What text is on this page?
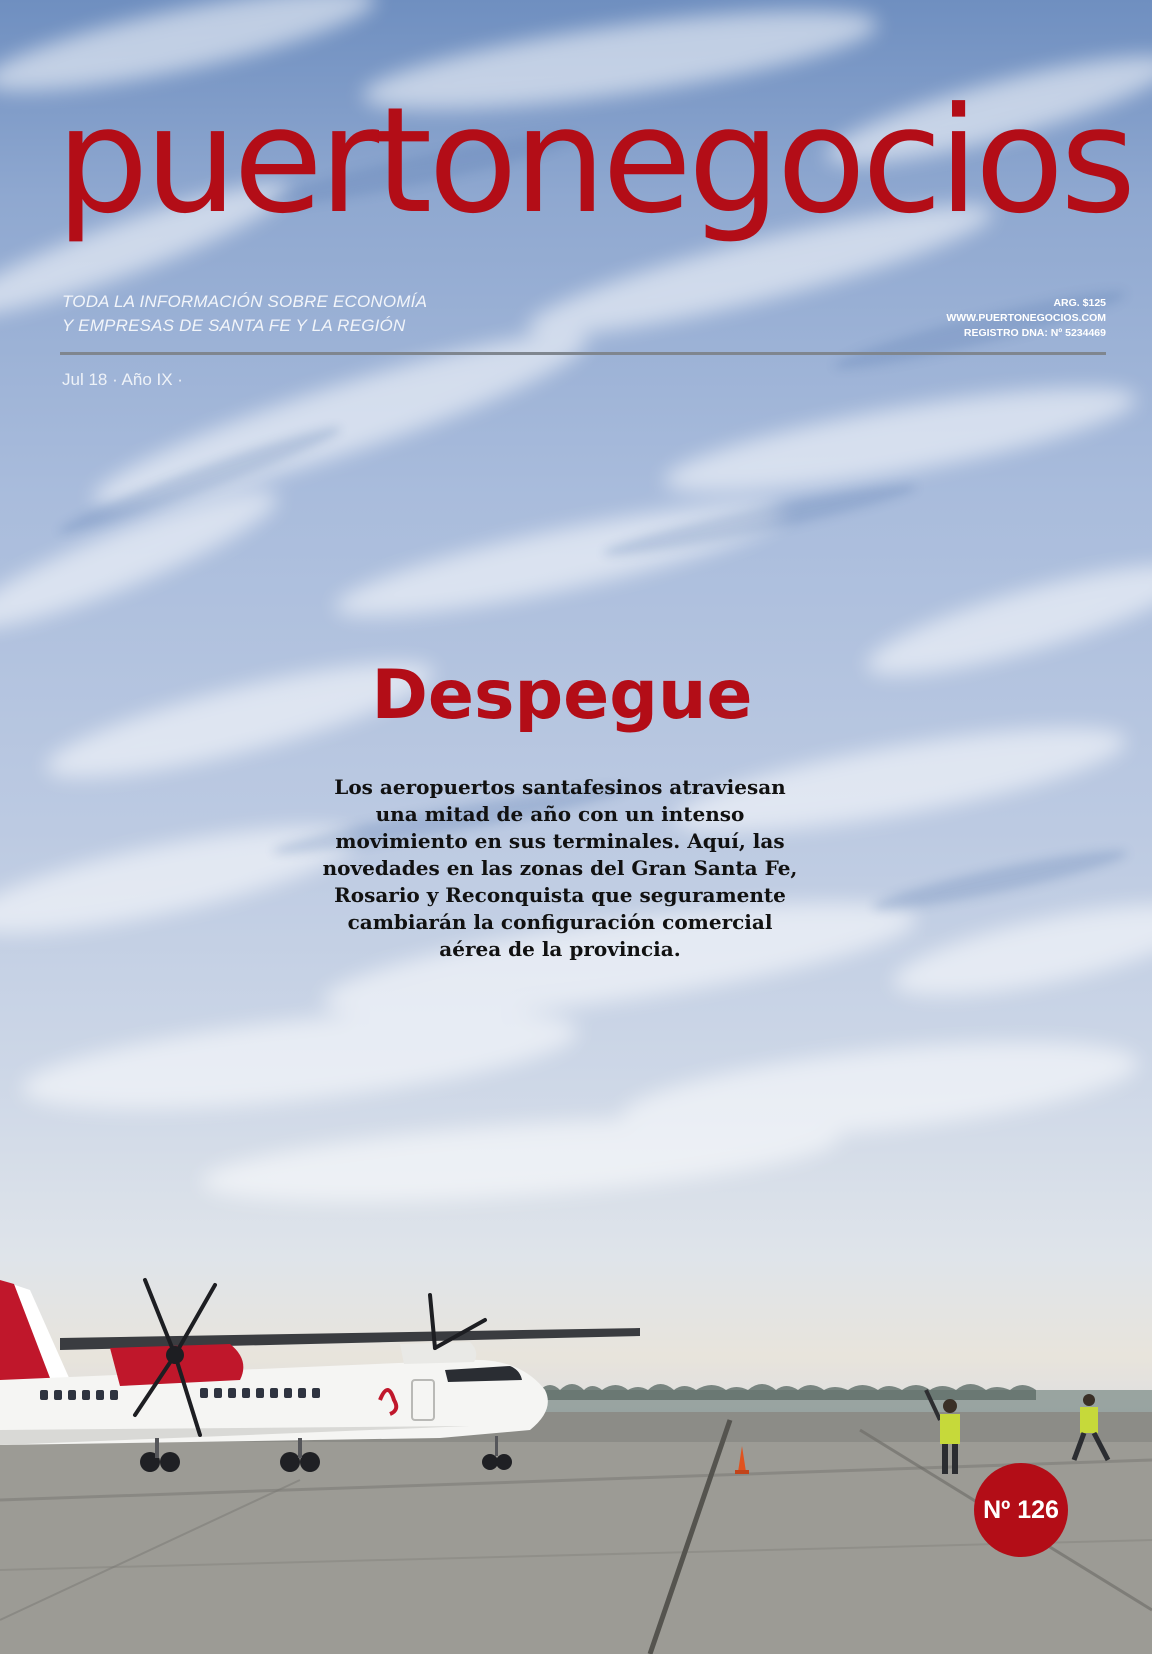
puertonegocios
TODA LA INFORMACIÓN SOBRE ECONOMÍA
Y EMPRESAS DE SANTA FE Y LA REGIÓN
ARG. $125
WWW.PUERTONEGOCIOS.COM
REGISTRO DNA: Nº 5234469
Jul 18 · Año IX ·
Despegue

Los aeropuertos santafesinos atraviesan una mitad de año con un intenso movimiento en sus terminales. Aquí, las novedades en las zonas del Gran Santa Fe, Rosario y Reconquista que seguramente cambiarán la configuración comercial aérea de la provincia.

Nº 126
